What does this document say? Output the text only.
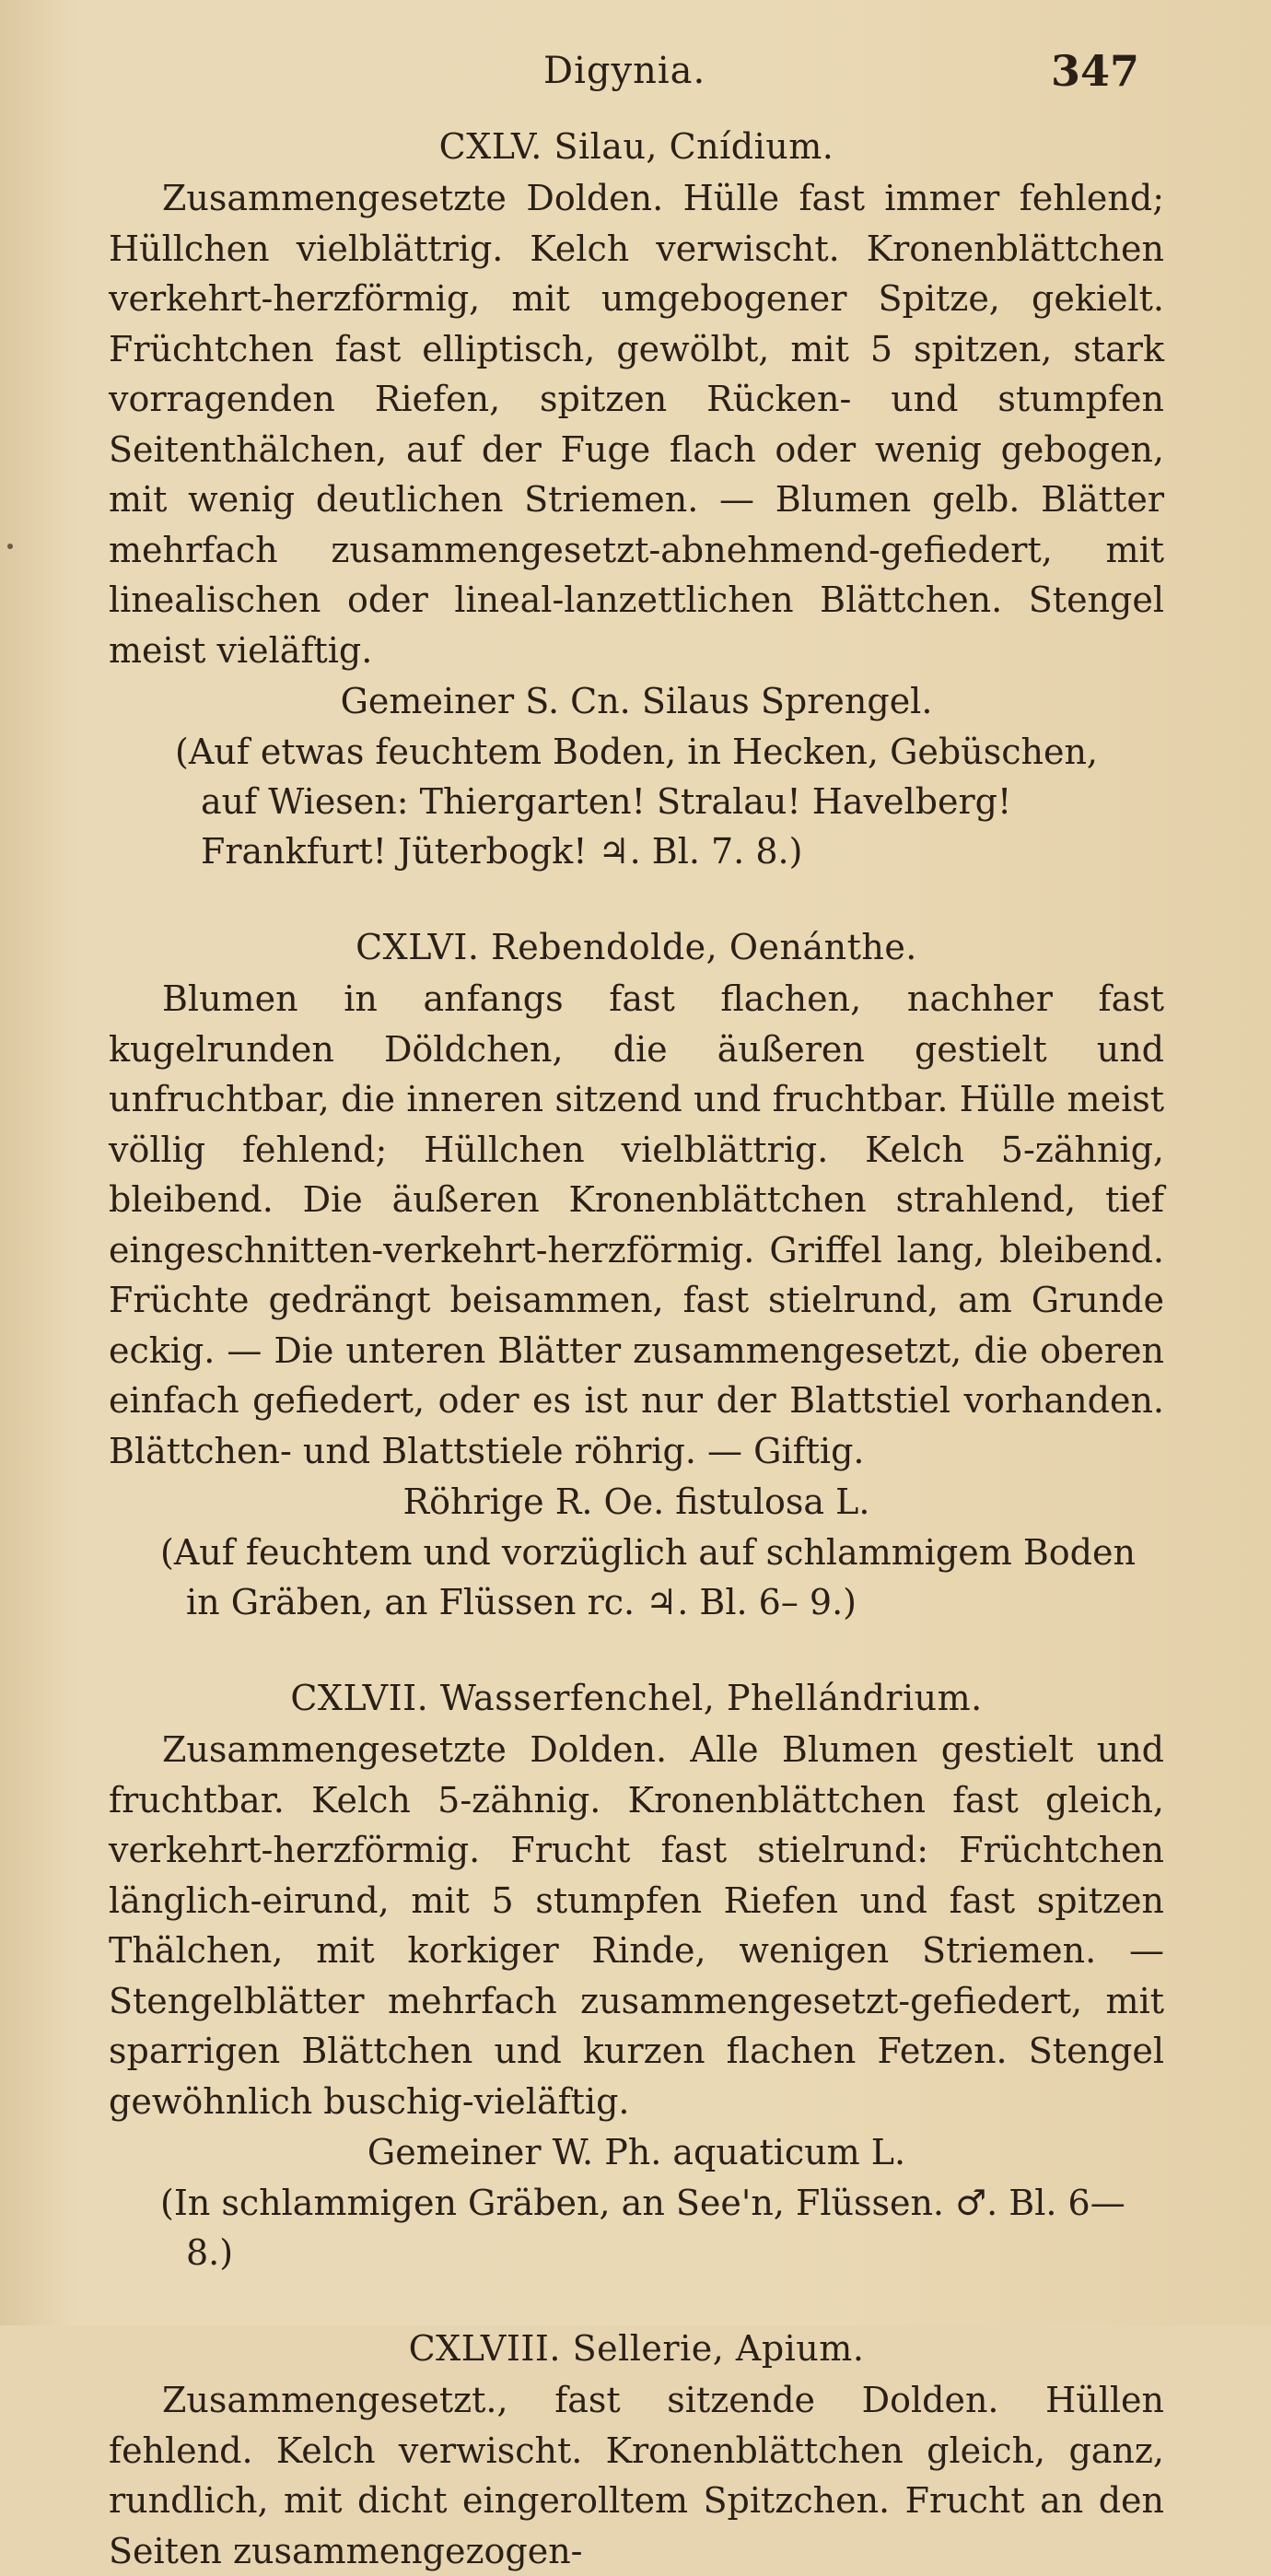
Digynia.	347
CXLV. Silau, Cnídium.

Zusammengesetzte Dolden. Hülle fast immer fehlend; Hüllchen vielblättrig. Kelch verwischt. Kronenblättchen verkehrt-herzförmig, mit umgebogener Spitze, gekielt. Früchtchen fast elliptisch, gewölbt, mit 5 spitzen, stark vorragenden Riefen, spitzen Rücken- und stumpfen Seitenthälchen, auf der Fuge flach oder wenig gebogen, mit wenig deutlichen Striemen. — Blumen gelb. Blätter mehrfach zusammengesetzt-abnehmend-gefiedert, mit linealischen oder lineal-lanzettlichen Blättchen. Stengel meist vieläftig.

Gemeiner S. Cn. Silaus Sprengel.

(Auf etwas feuchtem Boden, in Hecken, Gebüschen, auf Wiesen: Thiergarten! Stralau! Havelberg! Frankfurt! Jüterbogk! ♃. Bl. 7. 8.)

CXLVI. Rebendolde, Oenánthe.

Blumen in anfangs fast flachen, nachher fast kugelrunden Döldchen, die äußeren gestielt und unfruchtbar, die inneren sitzend und fruchtbar. Hülle meist völlig fehlend; Hüllchen vielblättrig. Kelch 5-zähnig, bleibend. Die äußeren Kronenblättchen strahlend, tief eingeschnitten-verkehrt-herzförmig. Griffel lang, bleibend. Früchte gedrängt beisammen, fast stielrund, am Grunde eckig. — Die unteren Blätter zusammengesetzt, die oberen einfach gefiedert, oder es ist nur der Blattstiel vorhanden. Blättchen- und Blattstiele röhrig. — Giftig.

Röhrige R. Oe. fistulosa L.

(Auf feuchtem und vorzüglich auf schlammigem Boden in Gräben, an Flüssen rc. ♃. Bl. 6– 9.)

CXLVII. Wasserfenchel, Phellándrium.

Zusammengesetzte Dolden. Alle Blumen gestielt und fruchtbar. Kelch 5-zähnig. Kronenblättchen fast gleich, verkehrt-herzförmig. Frucht fast stielrund: Früchtchen länglich-eirund, mit 5 stumpfen Riefen und fast spitzen Thälchen, mit korkiger Rinde, wenigen Striemen. — Stengelblätter mehrfach zusammengesetzt-gefiedert, mit sparrigen Blättchen und kurzen flachen Fetzen. Stengel gewöhnlich buschig-vieläftig.

Gemeiner W. Ph. aquaticum L.

(In schlammigen Gräben, an See'n, Flüssen. ♂. Bl. 6—8.)

CXLVIII. Sellerie, Apium.

Zusammengesetzt., fast sitzende Dolden. Hüllen fehlend. Kelch verwischt. Kronenblättchen gleich, ganz, rundlich, mit dicht eingerolltem Spitzchen. Frucht an den Seiten zusammengezogen-
